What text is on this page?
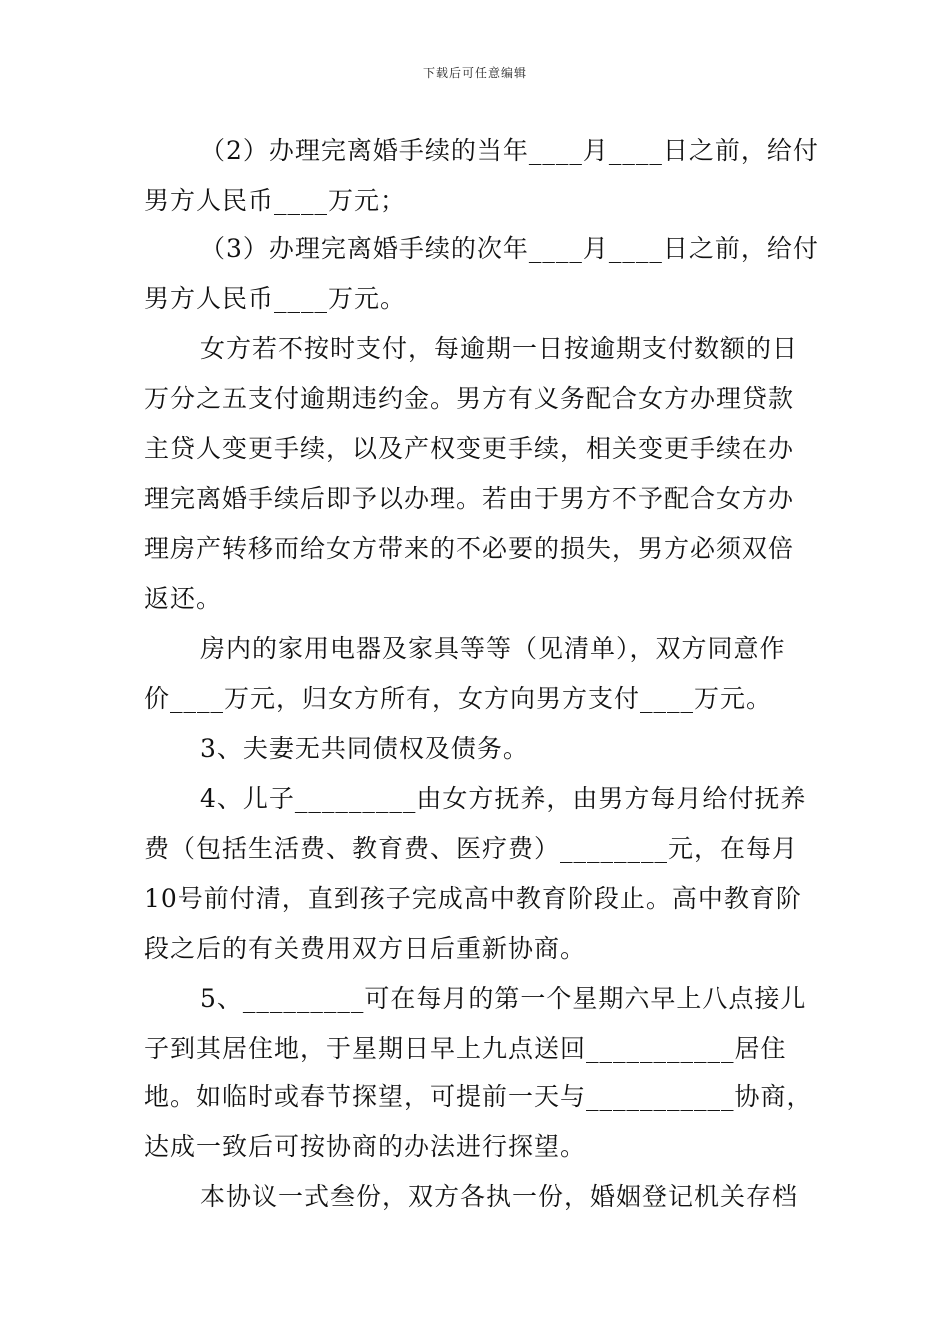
下载后可任意编辑
（2）办理完离婚手续的当年____月____日之前，给付
男方人民币____万元；
（3）办理完离婚手续的次年____月____日之前，给付
男方人民币____万元。
女方若不按时支付，每逾期一日按逾期支付数额的日
万分之五支付逾期违约金。男方有义务配合女方办理贷款
主贷人变更手续，以及产权变更手续，相关变更手续在办
理完离婚手续后即予以办理。若由于男方不予配合女方办
理房产转移而给女方带来的不必要的损失，男方必须双倍
返还。
房内的家用电器及家具等等（见清单），双方同意作
价____万元，归女方所有，女方向男方支付____万元。
3、夫妻无共同债权及债务。
4、儿子_________由女方抚养，由男方每月给付抚养
费（包括生活费、教育费、医疗费）________元，在每月
10号前付清，直到孩子完成高中教育阶段止。高中教育阶
段之后的有关费用双方日后重新协商。
5、_________可在每月的第一个星期六早上八点接儿
子到其居住地，于星期日早上九点送回___________居住
地。如临时或春节探望，可提前一天与___________协商，
达成一致后可按协商的办法进行探望。
本协议一式叁份，双方各执一份，婚姻登记机关存档
